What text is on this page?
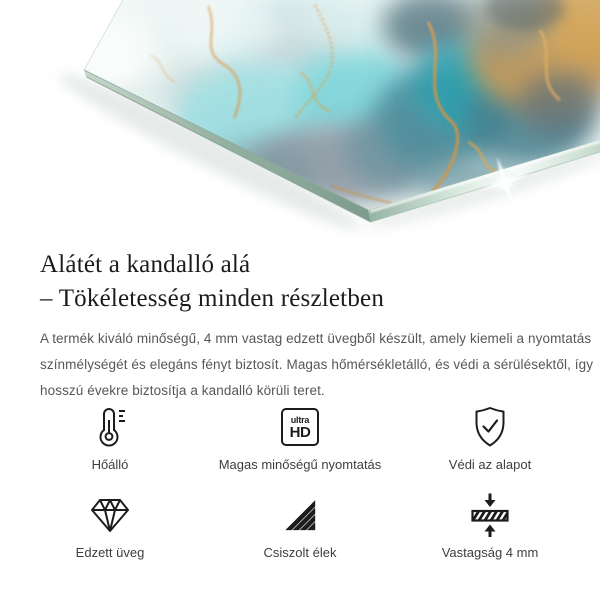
Alátét a kandalló alá
– Tökéletesség minden részletben

A termék kiváló minőségű, 4 mm vastag edzett üvegből készült, amely kiemeli a nyomtatás
színmélységét és elegáns fényt biztosít. Magas hőmérsékletálló, és védi a sérülésektől, így
hosszú évekre biztosítja a kandalló körüli teret.

Hőálló
ultra
HD
Magas minőségű nyomtatás	Védi az alapot
Edzett üveg	Csiszolt élek	Vastagság 4 mm
